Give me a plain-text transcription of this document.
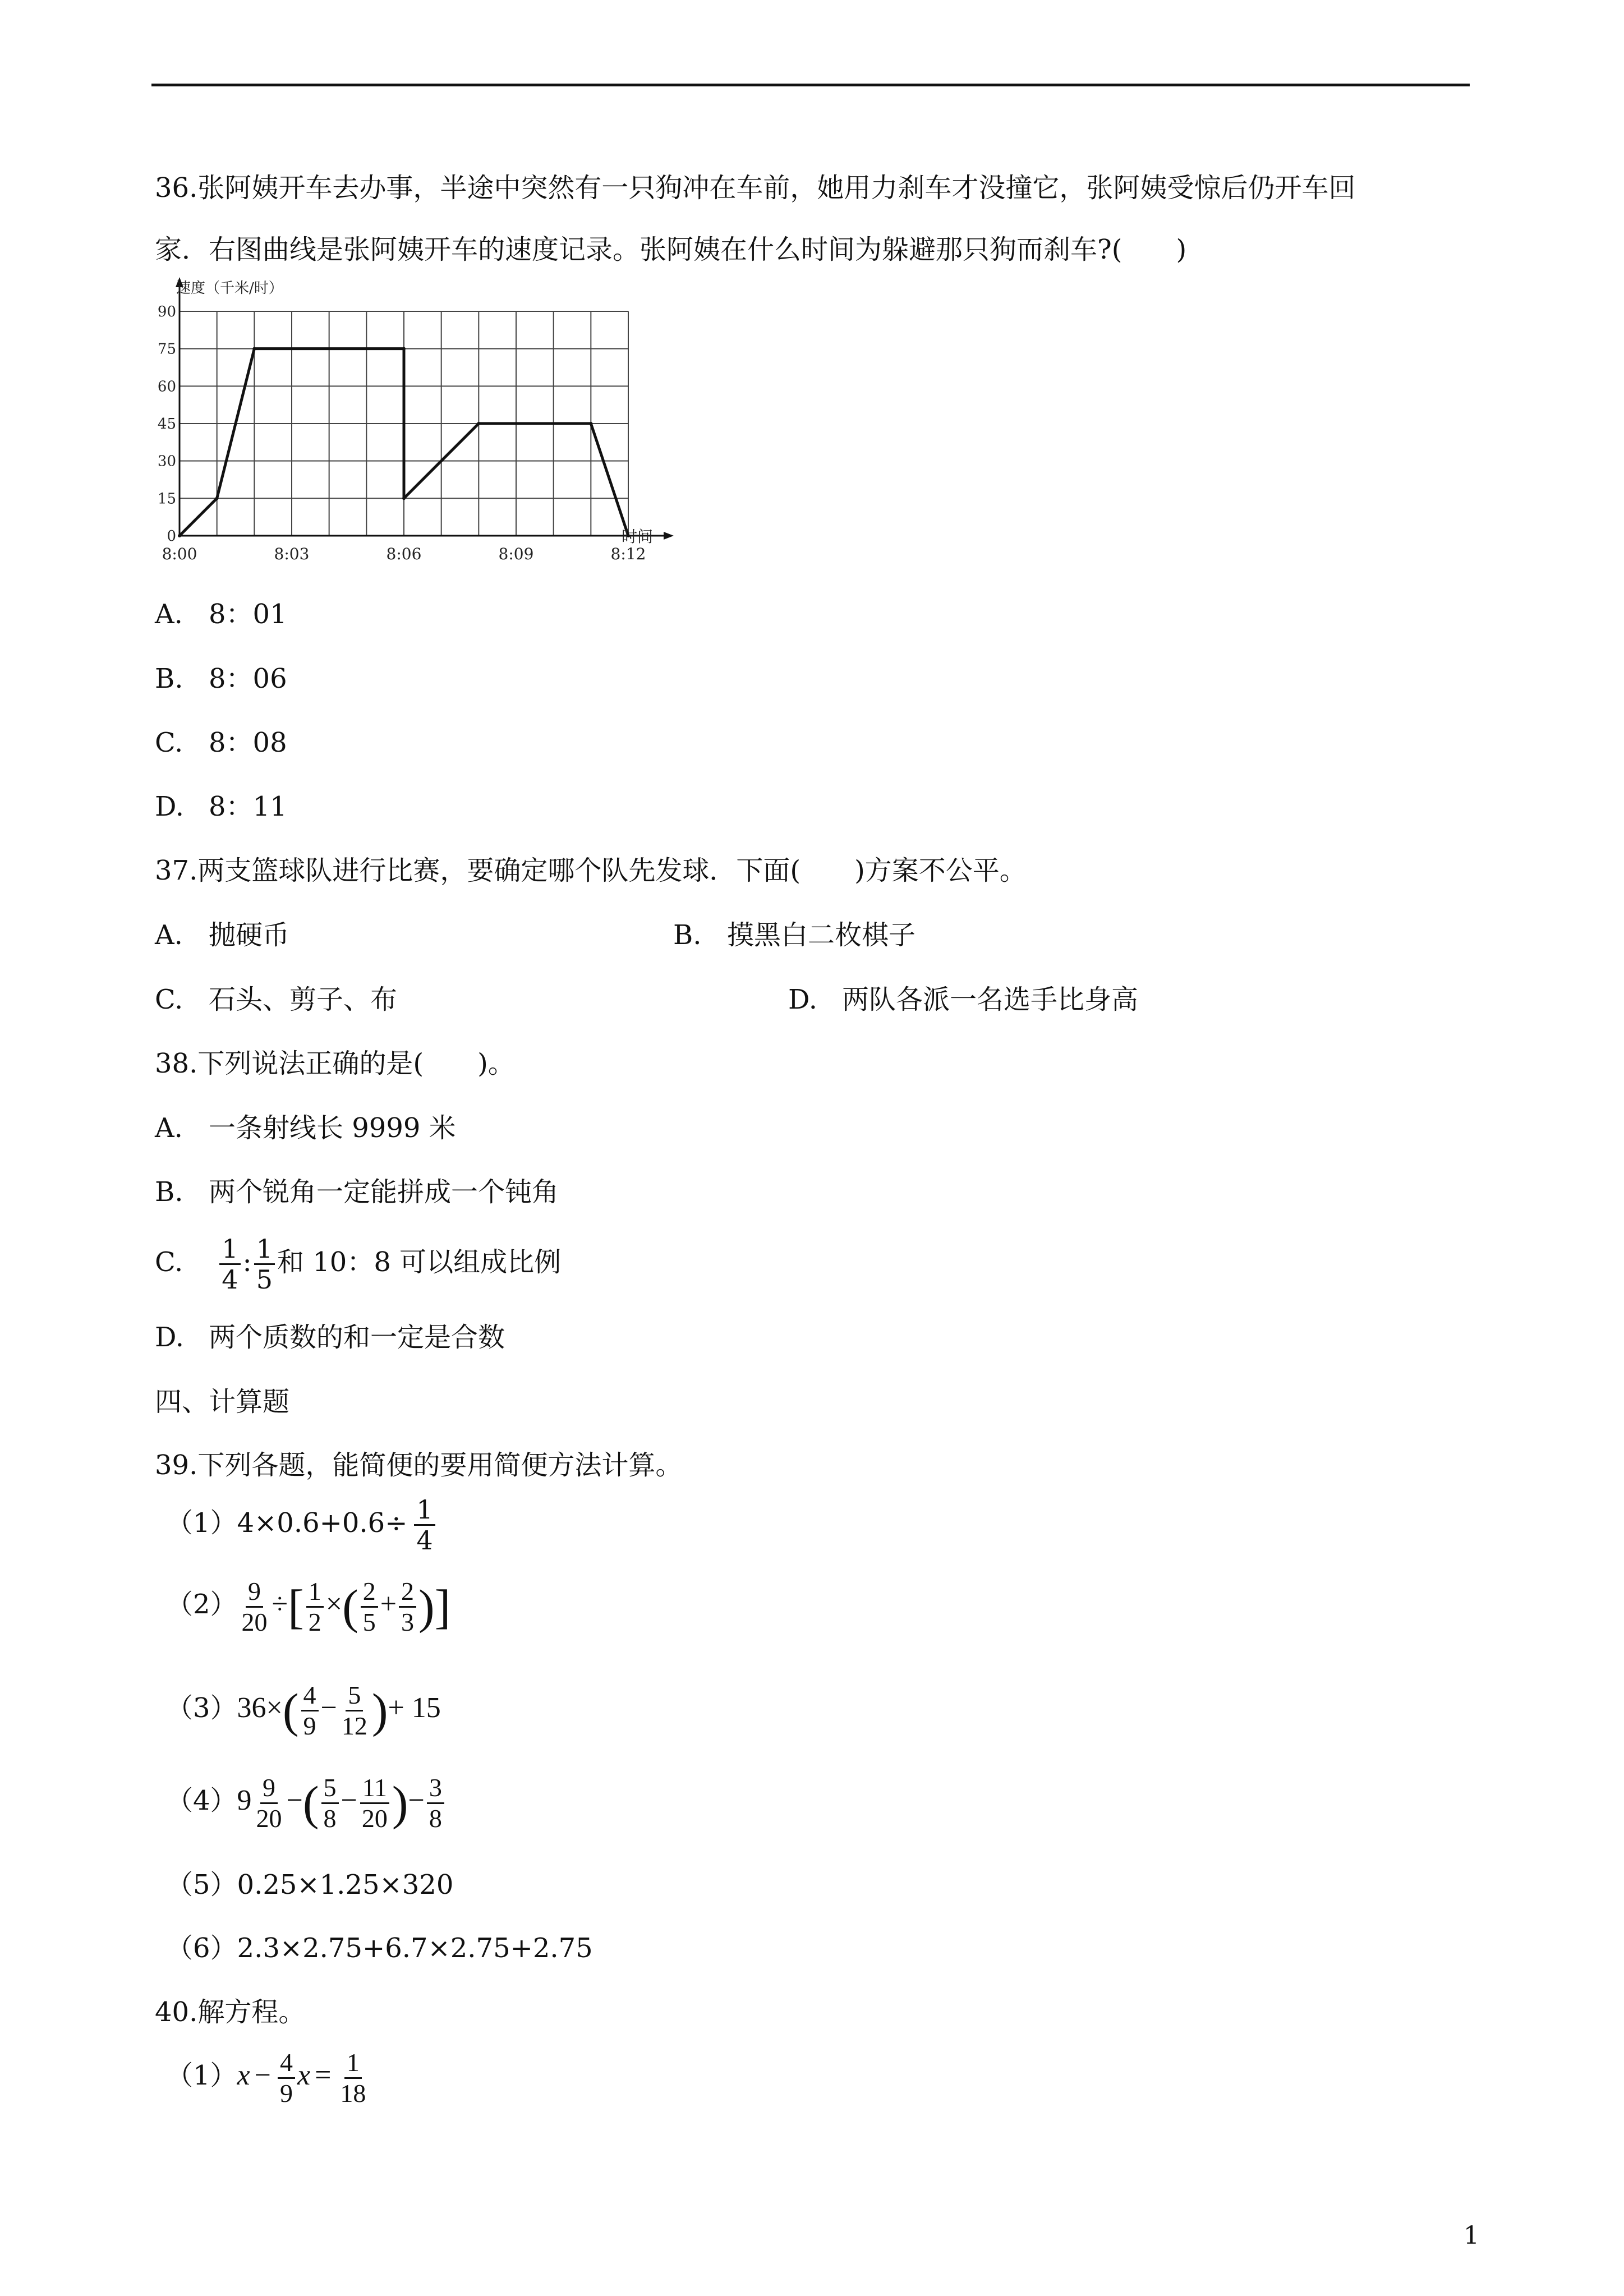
36.张阿姨开车去办事，半途中突然有一只狗冲在车前，她用力刹车才没撞它，张阿姨受惊后仍开车回
家．右图曲线是张阿姨开车的速度记录。张阿姨在什么时间为躲避那只狗而刹车?(　　)
0
15
30
45
60
75
90
8:00	8:03	8:06	8:09	8:12
速度（千米/时）
时间
A. 8：01
B. 8：06
C. 8：08
D. 8：11
37.两支篮球队进行比赛，要确定哪个队先发球．下面(　　)方案不公平。
A. 抛硬币	B. 摸黑白二枚棋子
C. 石头、剪子、布	D. 两队各派一名选手比身高
38.下列说法正确的是(　　)。
A. 一条射线长 9999 米
B. 两个锐角一定能拼成一个钝角
C. $\frac{1}{4}$ : $\frac{1}{5}$ 和 10：8 可以组成比例
D. 两个质数的和一定是合数
四、计算题
39.下列各题，能简便的要用简便方法计算。
$(1)4\times 0.6+0.6\div \frac{1}{4}$
$(2) \frac{9}{20}$ ÷[ $\frac{1}{2}$ ×( $\frac{2}{5} + \frac{2}{3}$ )]
$(3)36\times( \frac{4}{9} - \frac{5}{12}$ )+ 15
$(4)9 \frac{9}{20}$ −( $\frac{5}{8} - \frac{11}{20}$ )− $\frac{3}{8}$
（5）0.25×1.25×320
（6）2.3×2.75+6.7×2.75+2.75
40.解方程。
$(1)x - \frac{4}{9}$ $x = \frac{1}{18}$
1
